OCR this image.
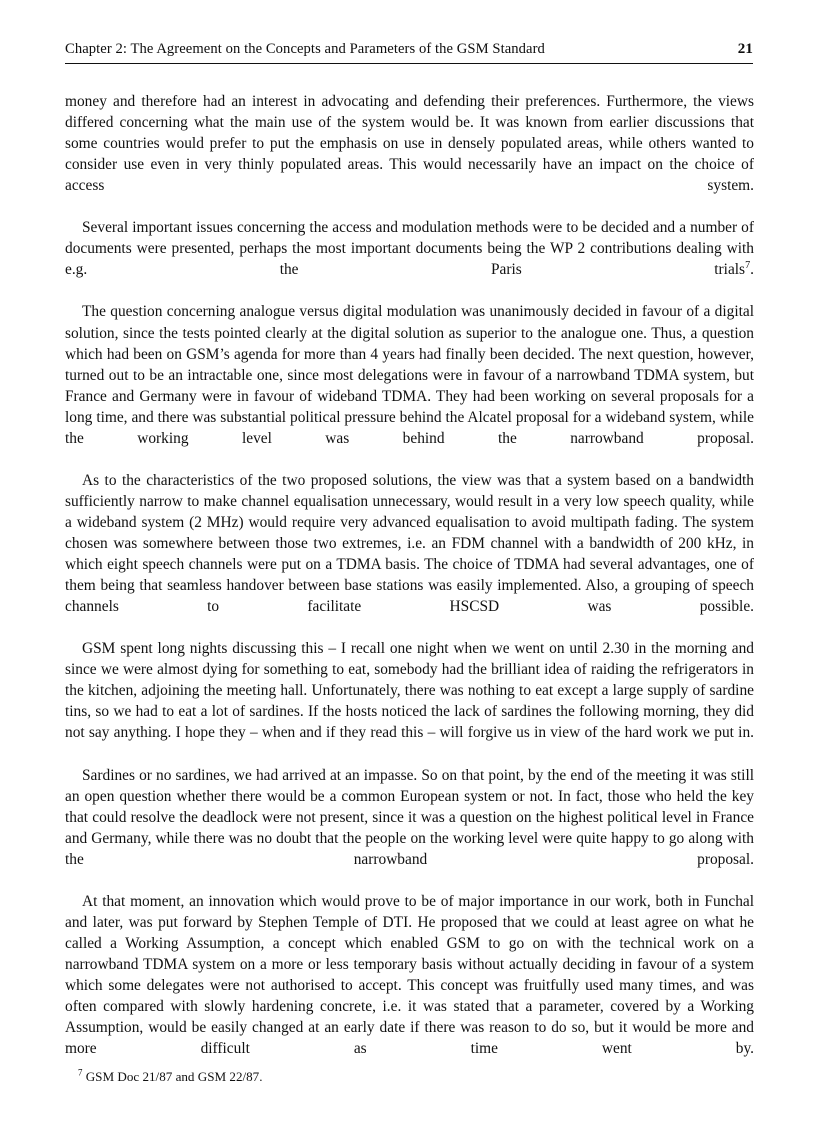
Chapter 2: The Agreement on the Concepts and Parameters of the GSM Standard	21

money and therefore had an interest in advocating and defending their preferences. Furthermore, the views differed concerning what the main use of the system would be. It was known from earlier discussions that some countries would prefer to put the emphasis on use in densely populated areas, while others wanted to consider use even in very thinly populated areas. This would necessarily have an impact on the choice of access system.

Several important issues concerning the access and modulation methods were to be decided and a number of documents were presented, perhaps the most important documents being the WP 2 contributions dealing with e.g. the Paris trials$^7$.

The question concerning analogue versus digital modulation was unanimously decided in favour of a digital solution, since the tests pointed clearly at the digital solution as superior to the analogue one. Thus, a question which had been on GSM’s agenda for more than 4 years had finally been decided. The next question, however, turned out to be an intractable one, since most delegations were in favour of a narrowband TDMA system, but France and Germany were in favour of wideband TDMA. They had been working on several proposals for a long time, and there was substantial political pressure behind the Alcatel proposal for a wideband system, while the working level was behind the narrowband proposal.

As to the characteristics of the two proposed solutions, the view was that a system based on a bandwidth sufficiently narrow to make channel equalisation unnecessary, would result in a very low speech quality, while a wideband system (2 MHz) would require very advanced equalisation to avoid multipath fading. The system chosen was somewhere between those two extremes, i.e. an FDM channel with a bandwidth of 200 kHz, in which eight speech channels were put on a TDMA basis. The choice of TDMA had several advantages, one of them being that seamless handover between base stations was easily implemented. Also, a grouping of speech channels to facilitate HSCSD was possible.

GSM spent long nights discussing this – I recall one night when we went on until 2.30 in the morning and since we were almost dying for something to eat, somebody had the brilliant idea of raiding the refrigerators in the kitchen, adjoining the meeting hall. Unfortunately, there was nothing to eat except a large supply of sardine tins, so we had to eat a lot of sardines. If the hosts noticed the lack of sardines the following morning, they did not say anything. I hope they – when and if they read this – will forgive us in view of the hard work we put in.

Sardines or no sardines, we had arrived at an impasse. So on that point, by the end of the meeting it was still an open question whether there would be a common European system or not. In fact, those who held the key that could resolve the deadlock were not present, since it was a question on the highest political level in France and Germany, while there was no doubt that the people on the working level were quite happy to go along with the narrowband proposal.

At that moment, an innovation which would prove to be of major importance in our work, both in Funchal and later, was put forward by Stephen Temple of DTI. He proposed that we could at least agree on what he called a Working Assumption, a concept which enabled GSM to go on with the technical work on a narrowband TDMA system on a more or less temporary basis without actually deciding in favour of a system which some delegates were not authorised to accept. This concept was fruitfully used many times, and was often compared with slowly hardening concrete, i.e. it was stated that a parameter, covered by a Working Assumption, would be easily changed at an early date if there was reason to do so, but it would be more and more difficult as time went by.

$^7$ GSM Doc 21/87 and GSM 22/87.
